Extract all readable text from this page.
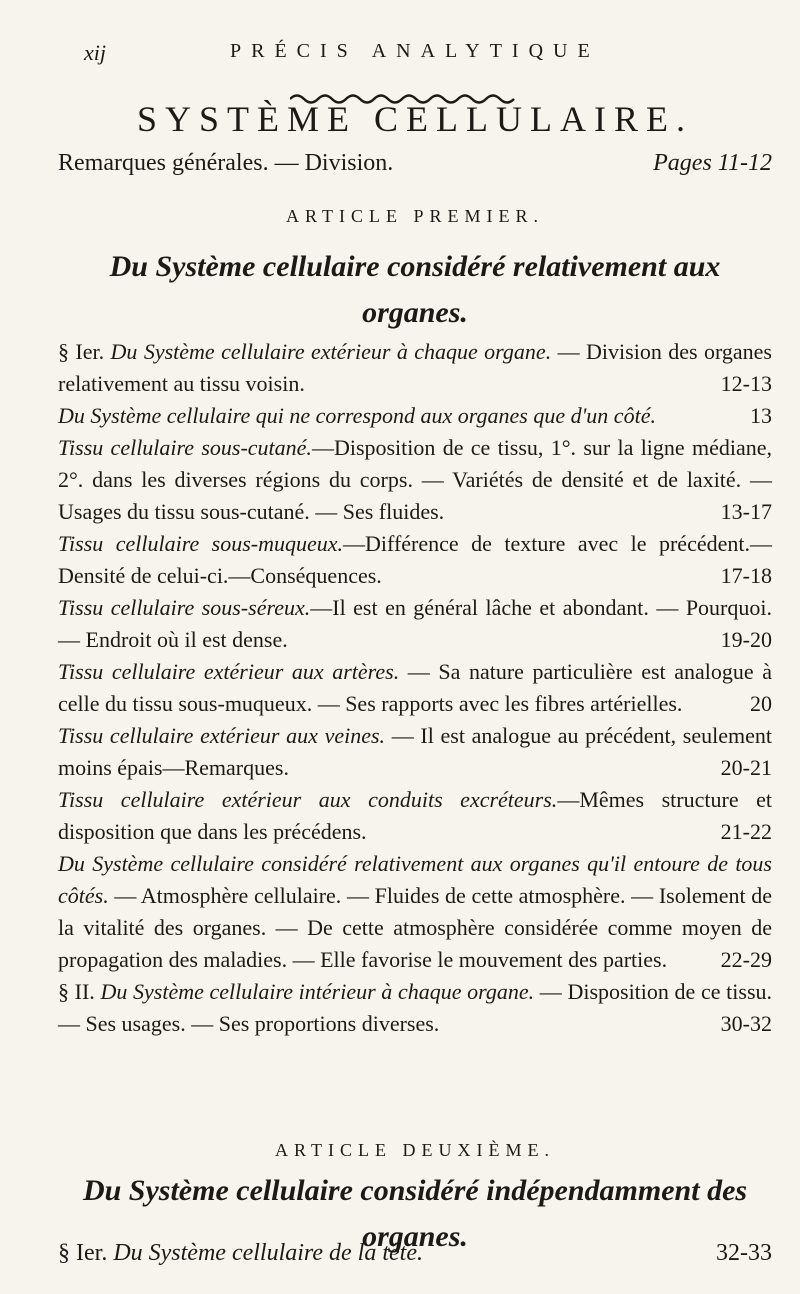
xij	PRÉCIS ANALYTIQUE
SYSTÈME CELLULAIRE.
Remarques générales. — Division.	Pages 11-12
ARTICLE PREMIER.
Du Système cellulaire considéré relativement aux organes.

§ Ier. Du Système cellulaire extérieur à chaque organe. — Division des organes relativement au tissu voisin.	12-13

Du Système cellulaire qui ne correspond aux organes que d'un côté.	13

Tissu cellulaire sous-cutané.—Disposition de ce tissu, 1°. sur la ligne médiane, 2°. dans les diverses régions du corps. — Variétés de densité et de laxité. — Usages du tissu sous-cutané. — Ses fluides.	13-17

Tissu cellulaire sous-muqueux.—Différence de texture avec le précédent.—Densité de celui-ci.—Conséquences.	17-18

Tissu cellulaire sous-séreux.—Il est en général lâche et abondant. — Pourquoi. — Endroit où il est dense.	19-20

Tissu cellulaire extérieur aux artères. — Sa nature particulière est analogue à celle du tissu sous-muqueux. — Ses rapports avec les fibres artérielles.	20

Tissu cellulaire extérieur aux veines. — Il est analogue au précédent, seulement moins épais—Remarques.	20-21

Tissu cellulaire extérieur aux conduits excréteurs.—Mêmes structure et disposition que dans les précédens.	21-22

Du Système cellulaire considéré relativement aux organes qu'il entoure de tous côtés. — Atmosphère cellulaire. — Fluides de cette atmosphère. — Isolement de la vitalité des organes. — De cette atmosphère considérée comme moyen de propagation des maladies. — Elle favorise le mouvement des parties. 22-29

§ II. Du Système cellulaire intérieur à chaque organe. — Disposition de ce tissu. — Ses usages. — Ses proportions diverses.	30-32

ARTICLE DEUXIÈME.
Du Système cellulaire considéré indépendamment des organes.
§ Ier. Du Système cellulaire de la tête.	32-33
